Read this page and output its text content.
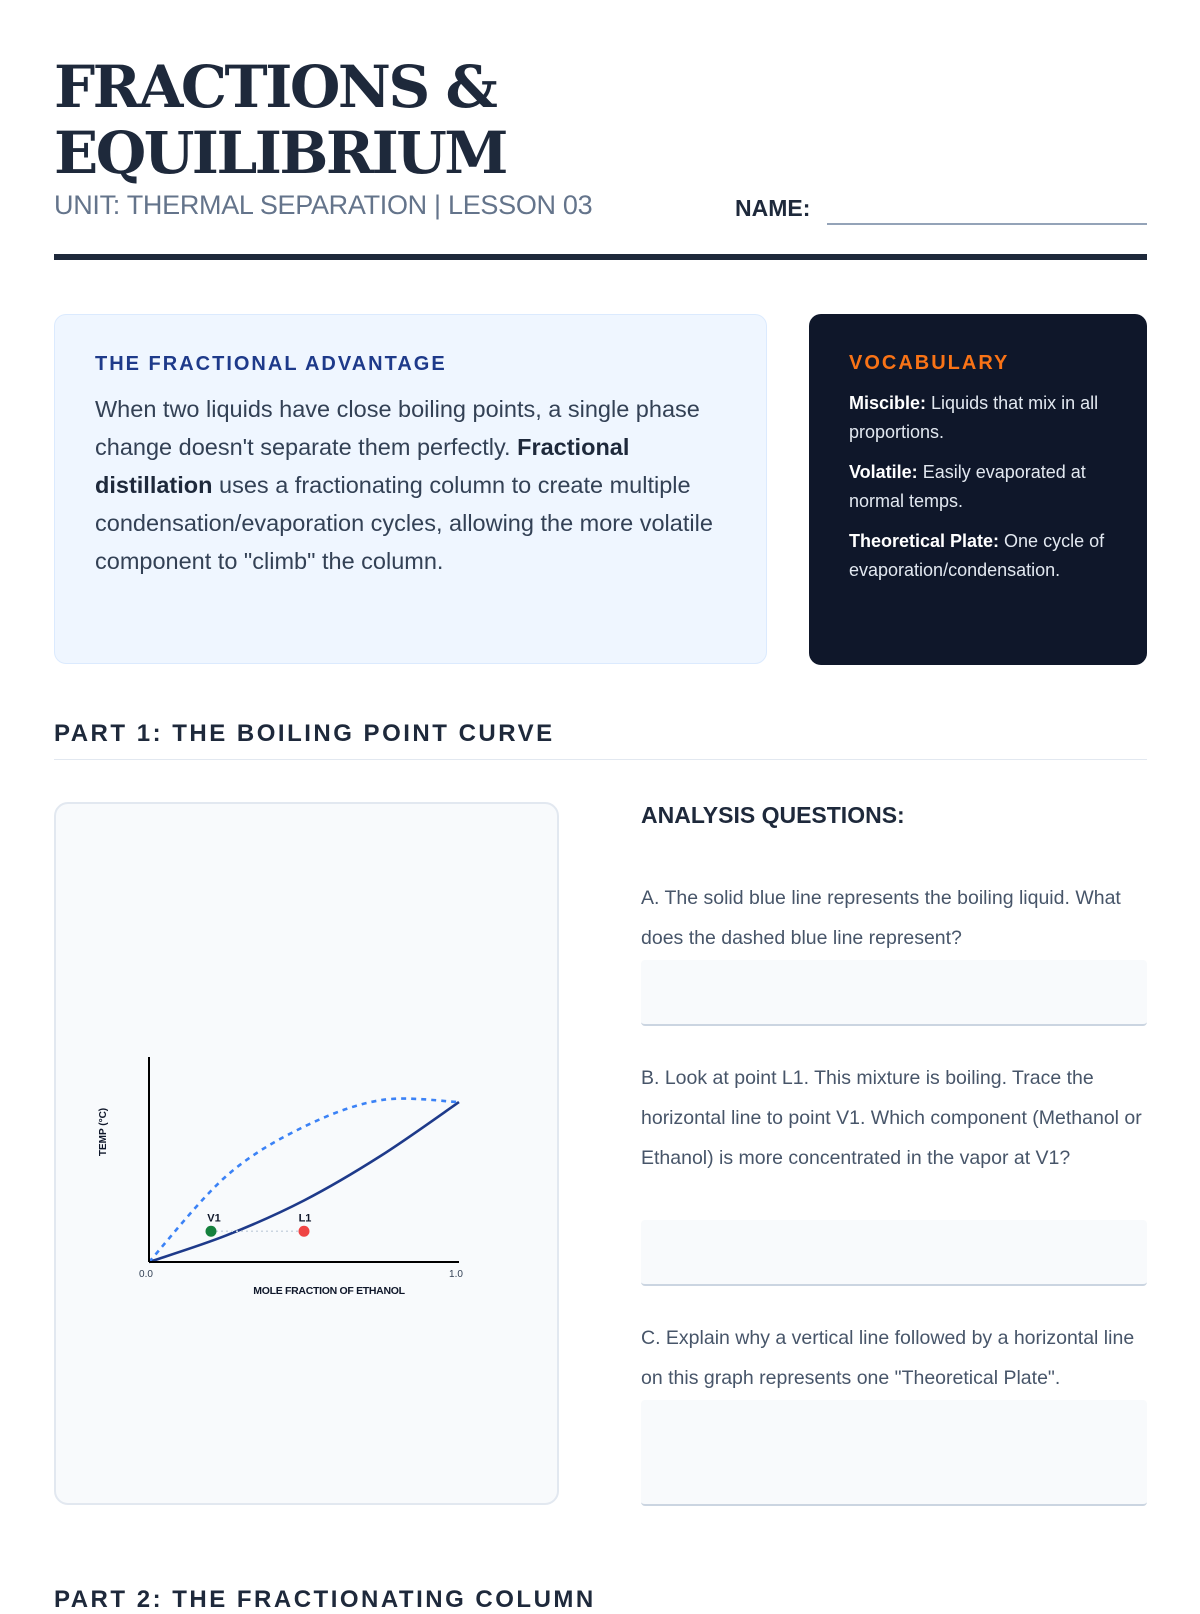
FRACTIONS &
EQUILIBRIUM
UNIT: THERMAL SEPARATION | LESSON 03	NAME:
THE FRACTIONAL ADVANTAGE

When two liquids have close boiling points, a single phase change doesn't separate them perfectly. Fractional distillation uses a fractionating column to create multiple condensation/evaporation cycles, allowing the more volatile component to "climb" the column.

VOCABULARY

Miscible: Liquids that mix in all proportions.

Volatile: Easily evaporated at normal temps.

Theoretical Plate: One cycle of evaporation/condensation.

PART 1: THE BOILING POINT CURVE
0.0	1.0
MOLE FRACTION OF ETHANOL
TEMP (°C)
V1	L1
ANALYSIS QUESTIONS:

A. The solid blue line represents the boiling liquid. What does the dashed blue line represent?

B. Look at point L1. This mixture is boiling. Trace the horizontal line to point V1. Which component (Methanol or Ethanol) is more concentrated in the vapor at V1?

C. Explain why a vertical line followed by a horizontal line on this graph represents one "Theoretical Plate".

PART 2: THE FRACTIONATING COLUMN
